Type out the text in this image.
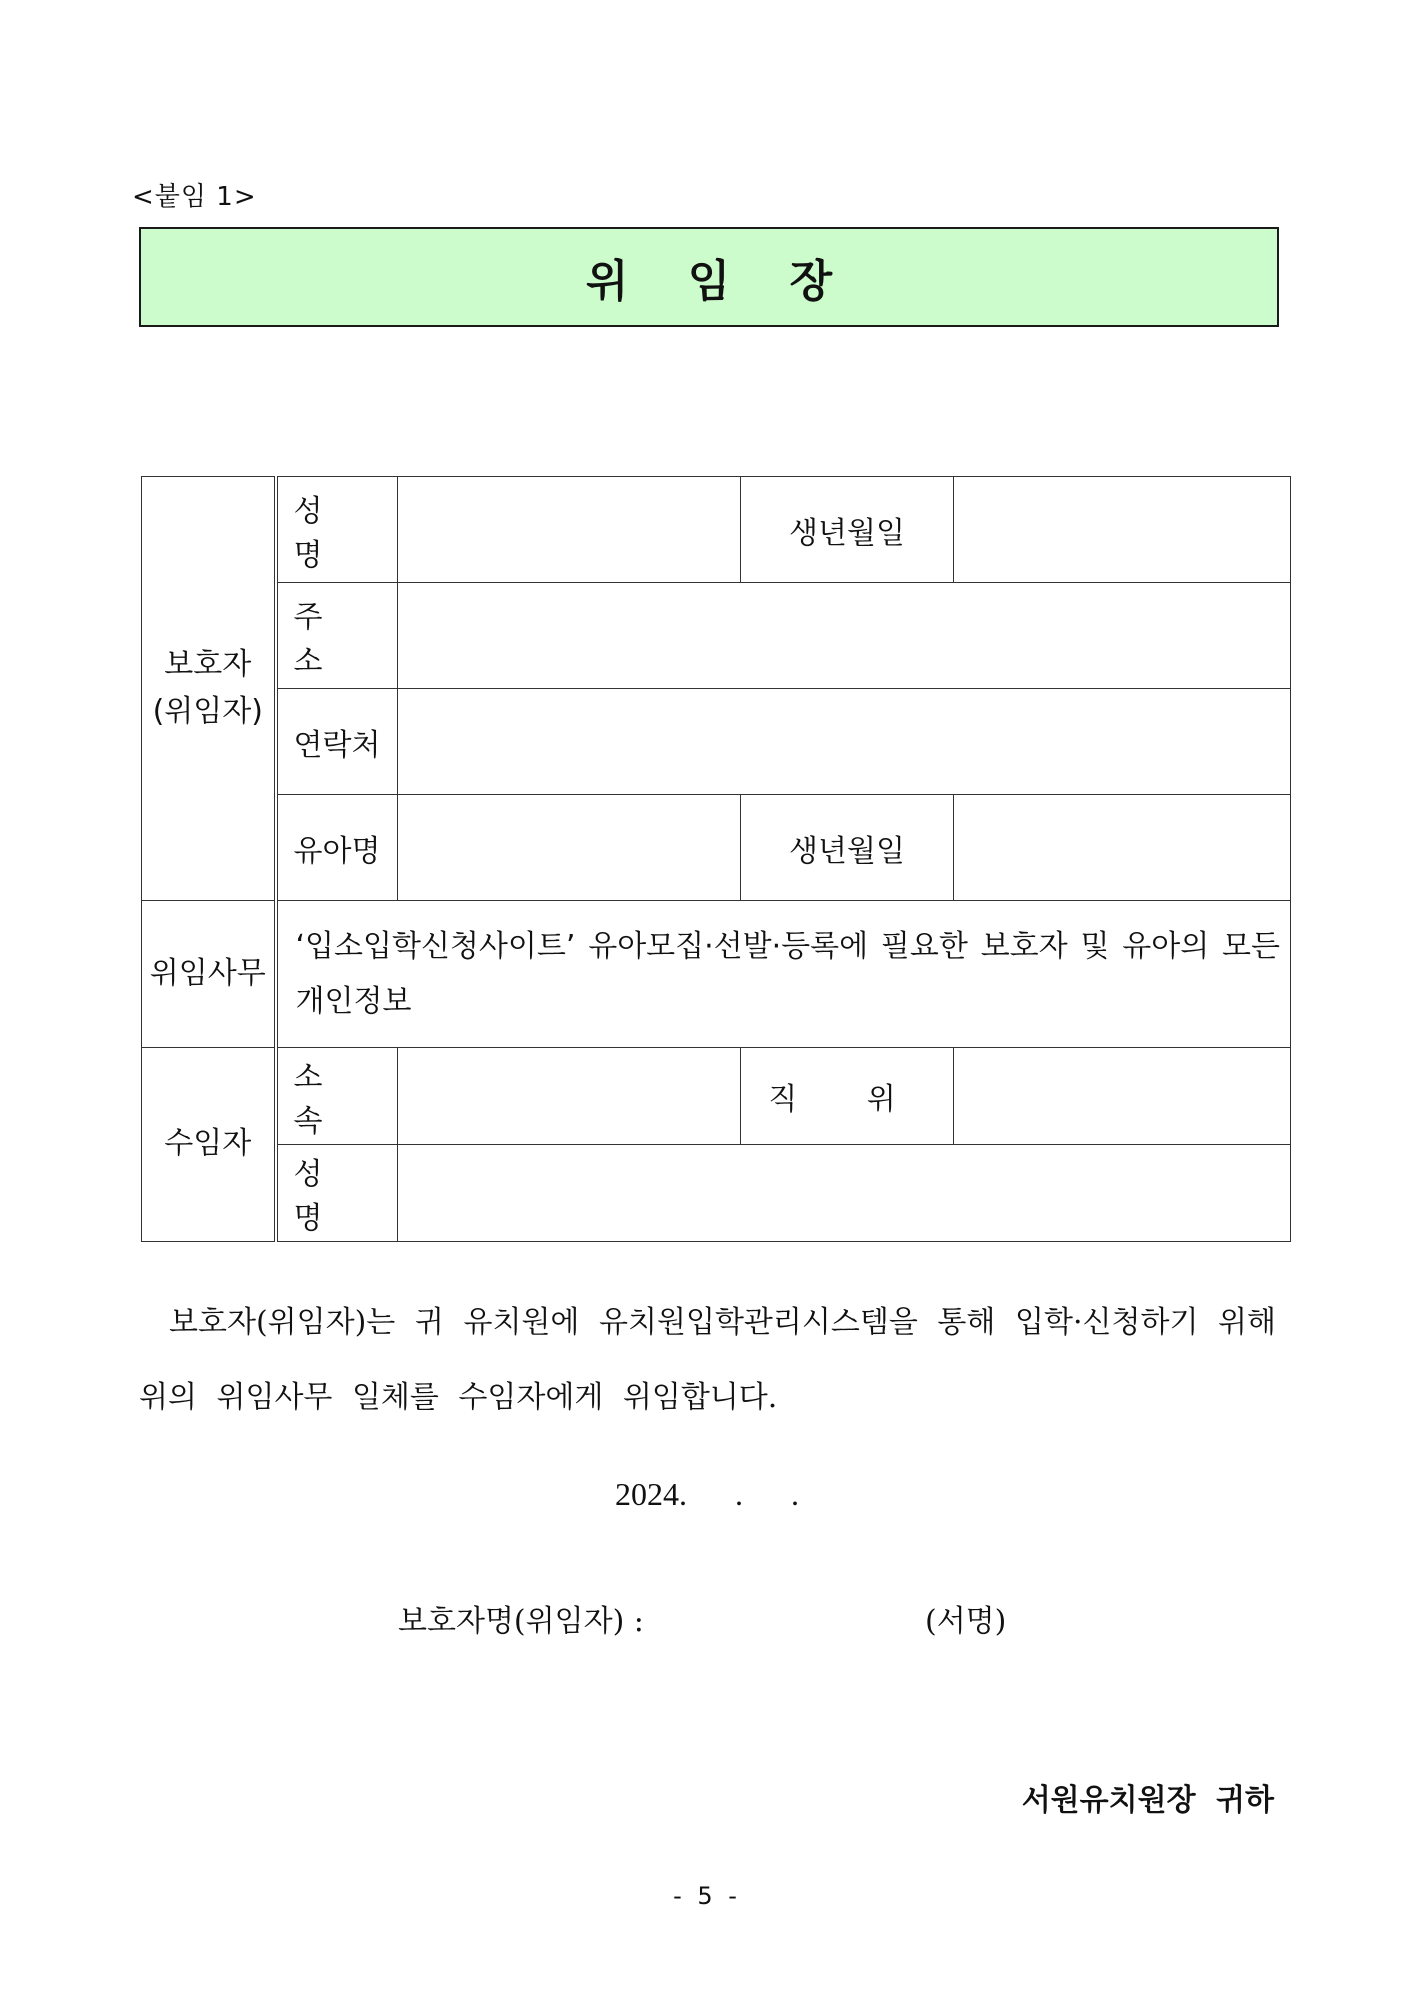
<붙임 1>
위 임 장
보호자
(위임자)	성 명		생년월일	
	주 소			
	연락처			
	유아명		생년월일	
위임사무	‘입소입학신청사이트’ 유아모집·선발·등록에 필요한 보호자 및 유아의 모든 개인정보			
수임자	소 속		직 위	
	성 명			
보호자(위임자)는 귀 유치원에 유치원입학관리시스템을 통해 입학·신청하기 위해 위의 위임사무 일체를 수임자에게 위임합니다.
2024.      .      .
보호자명(위임자) :	(서명)
서원유치원장 귀하
- 5 -
